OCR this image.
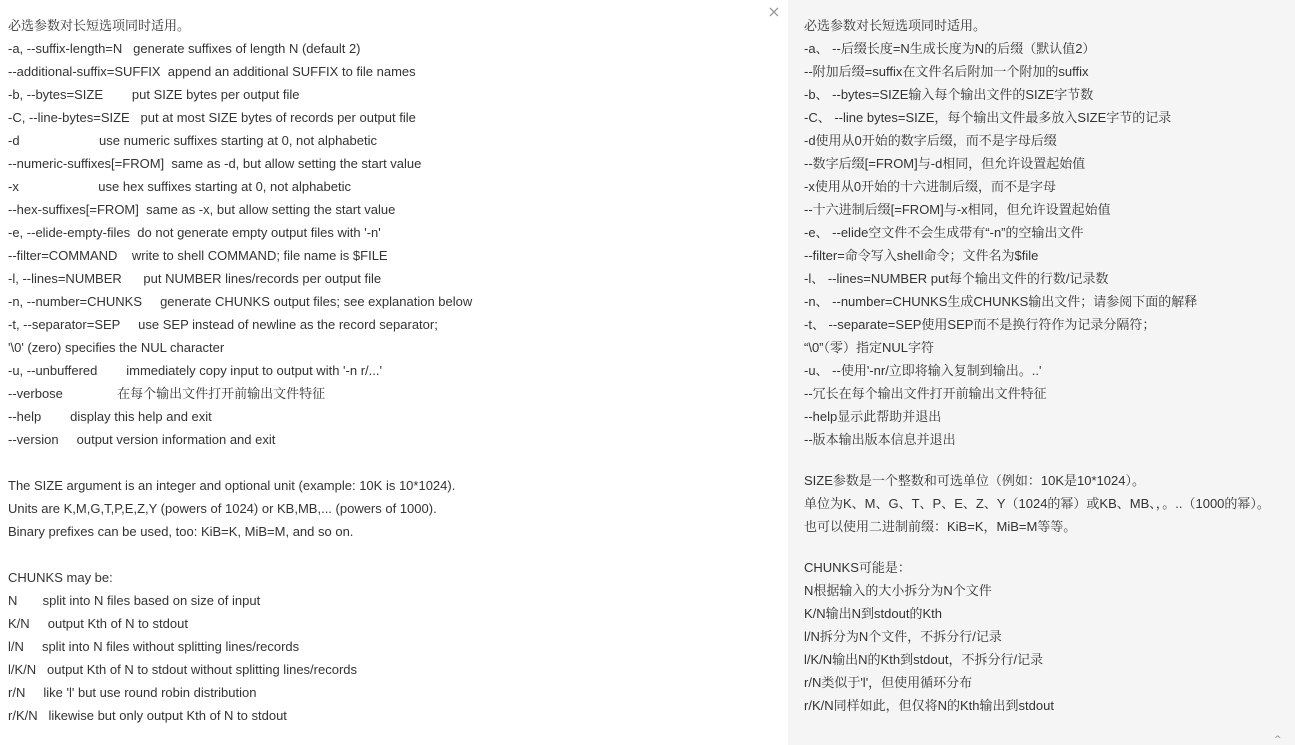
必选参数对长短选项同时适用。
-a, --suffix-length=N   generate suffixes of length N (default 2)
--additional-suffix=SUFFIX  append an additional SUFFIX to file names
-b, --bytes=SIZE        put SIZE bytes per output file
-C, --line-bytes=SIZE   put at most SIZE bytes of records per output file
-d                      use numeric suffixes starting at 0, not alphabetic
--numeric-suffixes[=FROM]  same as -d, but allow setting the start value
-x                      use hex suffixes starting at 0, not alphabetic
--hex-suffixes[=FROM]  same as -x, but allow setting the start value
-e, --elide-empty-files  do not generate empty output files with '-n'
--filter=COMMAND    write to shell COMMAND; file name is $FILE
-l, --lines=NUMBER      put NUMBER lines/records per output file
-n, --number=CHUNKS     generate CHUNKS output files; see explanation below
-t, --separator=SEP     use SEP instead of newline as the record separator;
'\0' (zero) specifies the NUL character
-u, --unbuffered        immediately copy input to output with '-n r/...'
--verbose               在每个输出文件打开前输出文件特征
--help        display this help and exit
--version     output version information and exit
The SIZE argument is an integer and optional unit (example: 10K is 10*1024).
Units are K,M,G,T,P,E,Z,Y (powers of 1024) or KB,MB,... (powers of 1000).
Binary prefixes can be used, too: KiB=K, MiB=M, and so on.
CHUNKS may be:
N       split into N files based on size of input
K/N     output Kth of N to stdout
l/N     split into N files without splitting lines/records
l/K/N   output Kth of N to stdout without splitting lines/records
r/N     like 'l' but use round robin distribution
r/K/N   likewise but only output Kth of N to stdout
×
必选参数对长短选项同时适用。
-a、 --后缀长度=N生成长度为N的后缀（默认值2）
--附加后缀=suffix在文件名后附加一个附加的suffix
-b、 --bytes=SIZE输入每个输出文件的SIZE字节数
-C、 --line bytes=SIZE，每个输出文件最多放入SIZE字节的记录
-d使用从0开始的数字后缀，而不是字母后缀
--数字后缀[=FROM]与-d相同，但允许设置起始值
-x使用从0开始的十六进制后缀，而不是字母
--十六进制后缀[=FROM]与-x相同，但允许设置起始值
-e、 --elide空文件不会生成带有“-n”的空输出文件
--filter=命令写入shell命令；文件名为$file
-l、 --lines=NUMBER put每个输出文件的行数/记录数
-n、 --number=CHUNKS生成CHUNKS输出文件；请参阅下面的解释
-t、 --separate=SEP使用SEP而不是换行符作为记录分隔符；
“\0”（零）指定NUL字符
-u、 --使用'-nr/立即将输入复制到输出。..'
--冗长在每个输出文件打开前输出文件特征
--help显示此帮助并退出
--版本输出版本信息并退出
SIZE参数是一个整数和可选单位（例如：10K是10*1024）。
单位为K、M、G、T、P、E、Z、Y（1024的幂）或KB、MB、，。..（1000的幂）。
也可以使用二进制前缀：KiB=K，MiB=M等等。
CHUNKS可能是：
N根据输入的大小拆分为N个文件
K/N输出N到stdout的Kth
l/N拆分为N个文件，不拆分行/记录
l/K/N输出N的Kth到stdout，不拆分行/记录
r/N类似于'l'，但使用循环分布
r/K/N同样如此，但仅将N的Kth输出到stdout
^
